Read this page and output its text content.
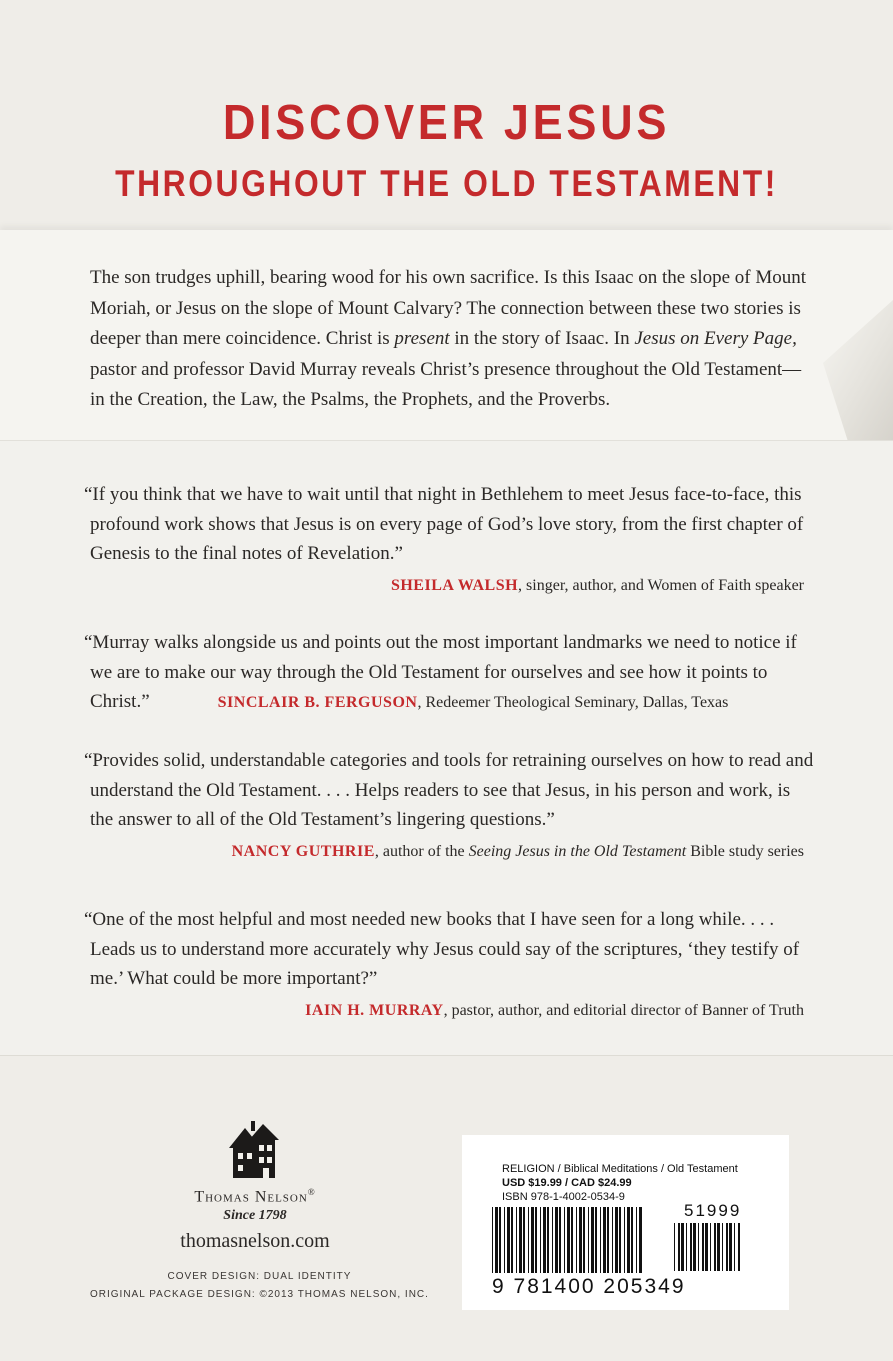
DISCOVER JESUS
THROUGHOUT THE OLD TESTAMENT!

The son trudges uphill, bearing wood for his own sacrifice. Is this Isaac on the slope of Mount Moriah, or Jesus on the slope of Mount Calvary? The connection between these two stories is deeper than mere coincidence. Christ is present in the story of Isaac. In Jesus on Every Page, pastor and professor David Murray reveals Christ’s presence throughout the Old Testament—in the Creation, the Law, the Psalms, the Prophets, and the Proverbs.

“If you think that we have to wait until that night in Bethlehem to meet Jesus face-to-face, this profound work shows that Jesus is on every page of God’s love story, from the first chapter of Genesis to the final notes of Revelation.”

SHEILA WALSH, singer, author, and Women of Faith speaker

“Murray walks alongside us and points out the most important landmarks we need to notice if we are to make our way through the Old Testament for ourselves and see how it points to Christ.”	SINCLAIR B. FERGUSON, Redeemer Theological Seminary, Dallas, Texas

“Provides solid, understandable categories and tools for retraining ourselves on how to read and understand the Old Testament. . . . Helps readers to see that Jesus, in his person and work, is the answer to all of the Old Testament’s lingering questions.”

NANCY GUTHRIE, author of the Seeing Jesus in the Old Testament Bible study series

“One of the most helpful and most needed new books that I have seen for a long while. . . . Leads us to understand more accurately why Jesus could say of the scriptures, ‘they testify of me.’ What could be more important?”

IAIN H. MURRAY, pastor, author, and editorial director of Banner of Truth
Thomas Nelson®
Since 1798
thomasnelson.com
COVER DESIGN: DUAL IDENTITY
ORIGINAL PACKAGE DESIGN: ©2013 THOMAS NELSON, INC.
RELIGION / Biblical Meditations / Old Testament
USD $19.99 / CAD $24.99
ISBN 978-1-4002-0534-9
51999
9 781400 205349
